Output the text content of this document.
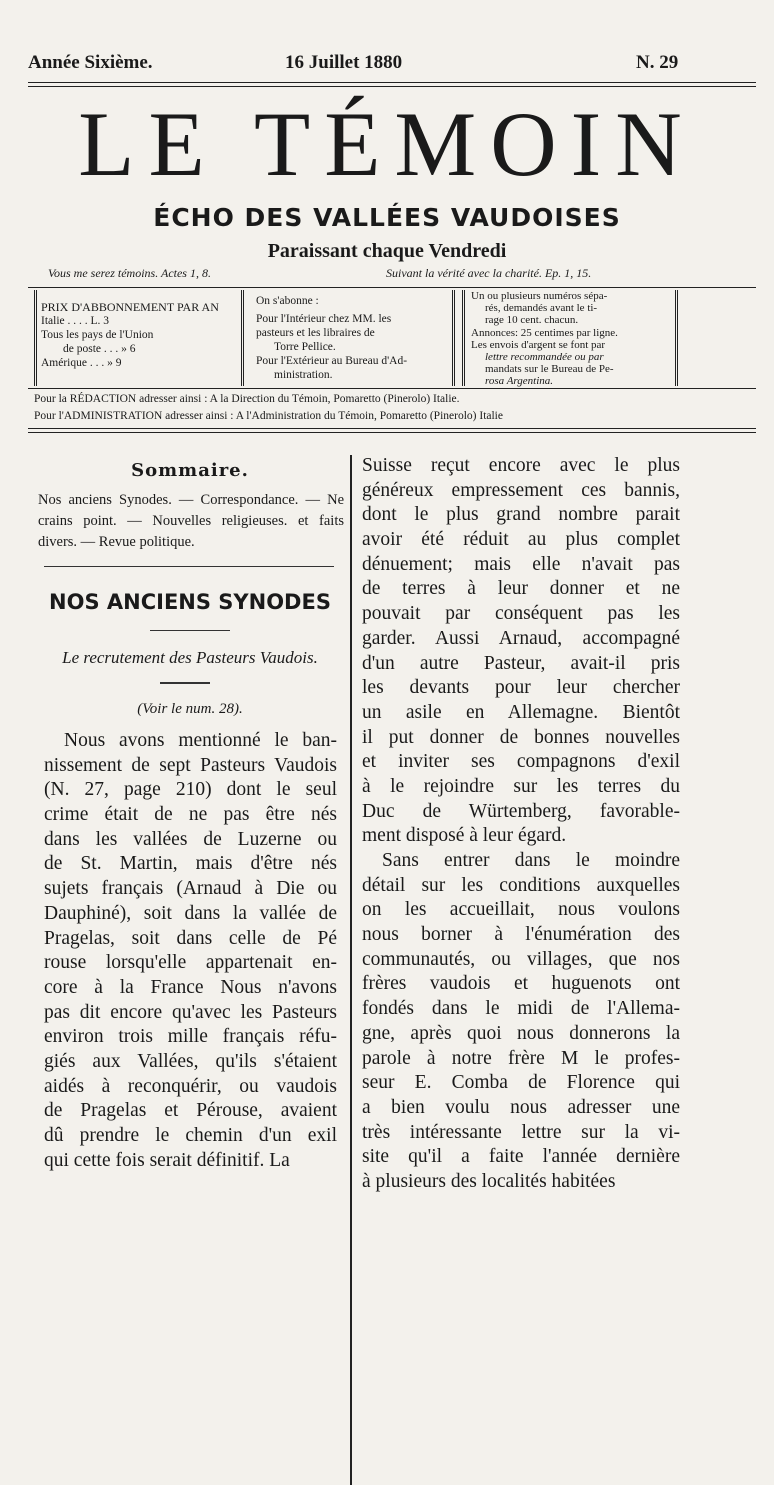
Année Sixième.	16 Juillet 1880	N. 29
LE TÉMOIN
ÉCHO DES VALLÉES VAUDOISES
Paraissant chaque Vendredi
Vous me serez témoins. Actes 1, 8.	Suivant la vérité avec la charité. Ep. 1, 15.
PRIX D'ABBONNEMENT PAR AN
Italie . . . . L. 3
Tous les pays de l'Union
de poste . . . » 6
Amérique . . . » 9
On s'abonne :
Pour l'Intérieur chez MM. les
pasteurs et les libraires de
Torre Pellice.
Pour l'Extérieur au Bureau d'Ad-
ministration.
Un ou plusieurs numéros sépa-
rés, demandés avant le ti-
rage 10 cent. chacun.
Annonces: 25 centimes par ligne.
Les envois d'argent se font par
lettre recommandée ou par
mandats sur le Bureau de Pe-
rosa Argentina.
Pour la RÉDACTION adresser ainsi : A la Direction du Témoin, Pomaretto (Pinerolo) Italie.
Pour l'ADMINISTRATION adresser ainsi : A l'Administration du Témoin, Pomaretto (Pinerolo) Italie
Sommaire.
Nos anciens Synodes. — Correspondance. — Ne crains point. — Nouvelles religieuses. et faits divers. — Revue politique.
NOS ANCIENS SYNODES
Le recrutement des Pasteurs Vaudois.
(Voir le num. 28).
Nous avons mentionné le ban-
nissement de sept Pasteurs Vaudois
(N. 27, page 210) dont le seul
crime était de ne pas être nés
dans les vallées de Luzerne ou
de St. Martin, mais d'être nés
sujets français (Arnaud à Die ou
Dauphiné), soit dans la vallée de
Pragelas, soit dans celle de Pé
rouse lorsqu'elle appartenait en-
core à la France Nous n'avons
pas dit encore qu'avec les Pasteurs
environ trois mille français réfu-
giés aux Vallées, qu'ils s'étaient
aidés à reconquérir, ou vaudois
de Pragelas et Pérouse, avaient
dû prendre le chemin d'un exil
qui cette fois serait définitif. La
Suisse reçut encore avec le plus
généreux empressement ces bannis,
dont le plus grand nombre parait
avoir été réduit au plus complet
dénuement; mais elle n'avait pas
de terres à leur donner et ne
pouvait par conséquent pas les
garder. Aussi Arnaud, accompagné
d'un autre Pasteur, avait-il pris
les devants pour leur chercher
un asile en Allemagne. Bientôt
il put donner de bonnes nouvelles
et inviter ses compagnons d'exil
à le rejoindre sur les terres du
Duc de Würtemberg, favorable-
ment disposé à leur égard.
Sans entrer dans le moindre
détail sur les conditions auxquelles
on les accueillait, nous voulons
nous borner à l'énumération des
communautés, ou villages, que nos
frères vaudois et huguenots ont
fondés dans le midi de l'Allema-
gne, après quoi nous donnerons la
parole à notre frère M le profes-
seur E. Comba de Florence qui
a bien voulu nous adresser une
très intéressante lettre sur la vi-
site qu'il a faite l'année dernière
à plusieurs des localités habitées
